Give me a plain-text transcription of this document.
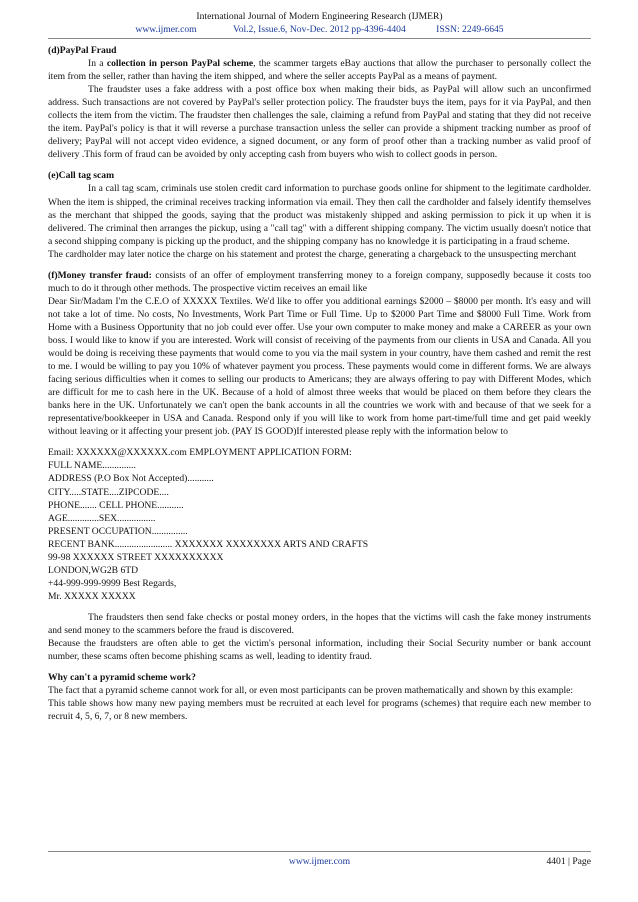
International Journal of Modern Engineering Research (IJMER)
www.ijmer.com	Vol.2, Issue.6, Nov-Dec. 2012 pp-4396-4404	ISSN: 2249-6645
(d)PayPal Fraud

In a collection in person PayPal scheme, the scammer targets eBay auctions that allow the purchaser to personally collect the item from the seller, rather than having the item shipped, and where the seller accepts PayPal as a means of payment.

The fraudster uses a fake address with a post office box when making their bids, as PayPal will allow such an unconfirmed address. Such transactions are not covered by PayPal's seller protection policy. The fraudster buys the item, pays for it via PayPal, and then collects the item from the victim. The fraudster then challenges the sale, claiming a refund from PayPal and stating that they did not receive the item. PayPal's policy is that it will reverse a purchase transaction unless the seller can provide a shipment tracking number as proof of delivery; PayPal will not accept video evidence, a signed document, or any form of proof other than a tracking number as valid proof of delivery .This form of fraud can be avoided by only accepting cash from buyers who wish to collect goods in person.

(e)Call tag scam

In a call tag scam, criminals use stolen credit card information to purchase goods online for shipment to the legitimate cardholder. When the item is shipped, the criminal receives tracking information via email. They then call the cardholder and falsely identify themselves as the merchant that shipped the goods, saying that the product was mistakenly shipped and asking permission to pick it up when it is delivered. The criminal then arranges the pickup, using a "call tag" with a different shipping company. The victim usually doesn't notice that a second shipping company is picking up the product, and the shipping company has no knowledge it is participating in a fraud scheme.

The cardholder may later notice the charge on his statement and protest the charge, generating a chargeback to the unsuspecting merchant

(f)Money transfer fraud: consists of an offer of employment transferring money to a foreign company, supposedly because it costs too much to do it through other methods. The prospective victim receives an email like

Dear Sir/Madam I'm the C.E.O of XXXXX Textiles. We'd like to offer you additional earnings $2000 – $8000 per month. It's easy and will not take a lot of time. No costs, No Investments, Work Part Time or Full Time. Up to $2000 Part Time and $8000 Full Time. Work from Home with a Business Opportunity that no job could ever offer. Use your own computer to make money and make a CAREER as your own boss. I would like to know if you are interested. Work will consist of receiving of the payments from our clients in USA and Canada. All you would be doing is receiving these payments that would come to you via the mail system in your country, have them cashed and remit the rest to me. I would be willing to pay you 10% of whatever payment you process. These payments would come in different forms. We are always facing serious difficulties when it comes to selling our products to Americans; they are always offering to pay with Different Modes, which are difficult for me to cash here in the UK. Because of a hold of almost three weeks that would be placed on them before they clears the banks here in the UK. Unfortunately we can't open the bank accounts in all the countries we work with and because of that we seek for a representative/bookkeeper in USA and Canada. Respond only if you will like to work from home part-time/full time and get paid weekly without leaving or it affecting your present job. (PAY IS GOOD)If interested please reply with the information below to

Email: XXXXXX@XXXXXX.com EMPLOYMENT APPLICATION FORM:

FULL NAME..............

ADDRESS (P.O Box Not Accepted)...........

CITY.....STATE....ZIPCODE....

PHONE....... CELL PHONE...........

AGE.............SEX................

PRESENT OCCUPATION...............

RECENT BANK........................ XXXXXXX XXXXXXXX ARTS AND CRAFTS

99-98 XXXXXX STREET XXXXXXXXXX

LONDON,WG2B 6TD

+44-999-999-9999 Best Regards,

Mr. XXXXX XXXXX

The fraudsters then send fake checks or postal money orders, in the hopes that the victims will cash the fake money instruments and send money to the scammers before the fraud is discovered.

Because the fraudsters are often able to get the victim's personal information, including their Social Security number or bank account number, these scams often become phishing scams as well, leading to identity fraud.

Why can't a pyramid scheme work?

The fact that a pyramid scheme cannot work for all, or even most participants can be proven mathematically and shown by this example:

This table shows how many new paying members must be recruited at each level for programs (schemes) that require each new member to recruit 4, 5, 6, 7, or 8 new members.

www.ijmer.com	4401 | Page
